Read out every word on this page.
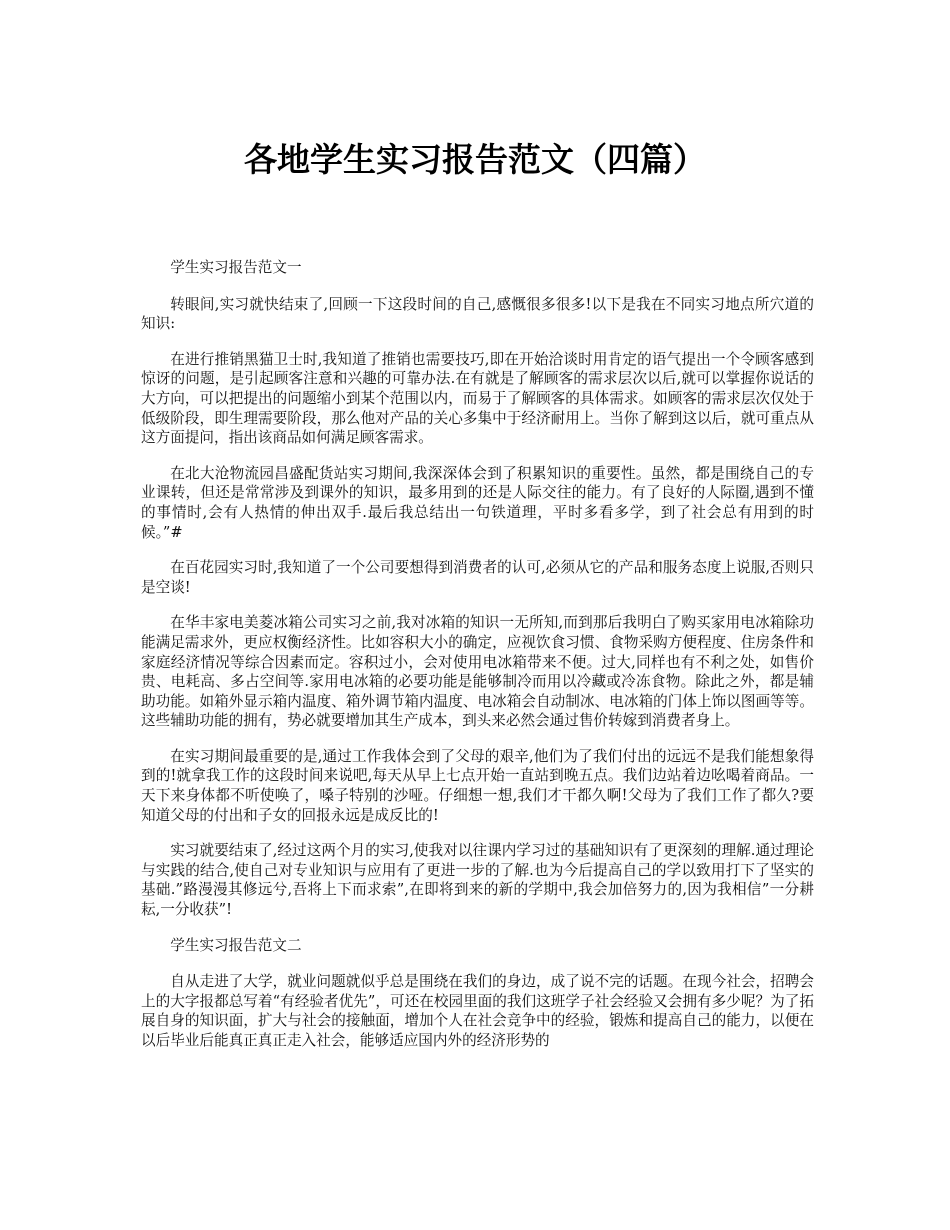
各地学生实习报告范文（四篇）

学生实习报告范文一

转眼间,实习就快结束了,回顾一下这段时间的自己,感慨很多很多!以下是我在不同实习地点所穴道的知识:

在进行推销黑猫卫士时,我知道了推销也需要技巧,即在开始洽谈时用肯定的语气提出一个令顾客感到惊讶的问题，是引起顾客注意和兴趣的可靠办法.在有就是了解顾客的需求层次以后,就可以掌握你说话的大方向，可以把提出的问题缩小到某个范围以内，而易于了解顾客的具体需求。如顾客的需求层次仅处于低级阶段，即生理需要阶段，那么他对产品的关心多集中于经济耐用上。当你了解到这以后，就可重点从这方面提问，指出该商品如何满足顾客需求。

在北大沧物流园昌盛配货站实习期间,我深深体会到了积累知识的重要性。虽然，都是围绕自己的专业课转，但还是常常涉及到课外的知识，最多用到的还是人际交往的能力。有了良好的人际圈,遇到不懂的事情时,会有人热情的伸出双手.最后我总结出一句铁道理，平时多看多学，到了社会总有用到的时候。”#

在百花园实习时,我知道了一个公司要想得到消费者的认可,必须从它的产品和服务态度上说服,否则只是空谈!

在华丰家电美菱冰箱公司实习之前,我对冰箱的知识一无所知,而到那后我明白了购买家用电冰箱除功能满足需求外，更应权衡经济性。比如容积大小的确定，应视饮食习惯、食物采购方便程度、住房条件和家庭经济情况等综合因素而定。容积过小，会对使用电冰箱带来不便。过大,同样也有不利之处，如售价贵、电耗高、多占空间等.家用电冰箱的必要功能是能够制冷而用以冷藏或冷冻食物。除此之外，都是辅助功能。如箱外显示箱内温度、箱外调节箱内温度、电冰箱会自动制冰、电冰箱的门体上饰以图画等等。这些辅助功能的拥有，势必就要增加其生产成本，到头来必然会通过售价转嫁到消费者身上。

在实习期间最重要的是,通过工作我体会到了父母的艰辛,他们为了我们付出的远远不是我们能想象得到的!就拿我工作的这段时间来说吧,每天从早上七点开始一直站到晚五点。我们边站着边吆喝着商品。一天下来身体都不听使唤了，嗓子特别的沙哑。仔细想一想,我们才干都久啊!父母为了我们工作了都久?要知道父母的付出和子女的回报永远是成反比的!

实习就要结束了,经过这两个月的实习,使我对以往课内学习过的基础知识有了更深刻的理解.通过理论与实践的结合,使自己对专业知识与应用有了更进一步的了解.也为今后提高自己的学以致用打下了坚实的基础.”路漫漫其修远兮,吾将上下而求索”,在即将到来的新的学期中,我会加倍努力的,因为我相信”一分耕耘,一分收获”!

学生实习报告范文二

自从走进了大学，就业问题就似乎总是围绕在我们的身边，成了说不完的话题。在现今社会，招聘会上的大字报都总写着“有经验者优先”，可还在校园里面的我们这班学子社会经验又会拥有多少呢？为了拓展自身的知识面，扩大与社会的接触面，增加个人在社会竞争中的经验，锻炼和提高自己的能力，以便在以后毕业后能真正真正走入社会，能够适应国内外的经济形势的
